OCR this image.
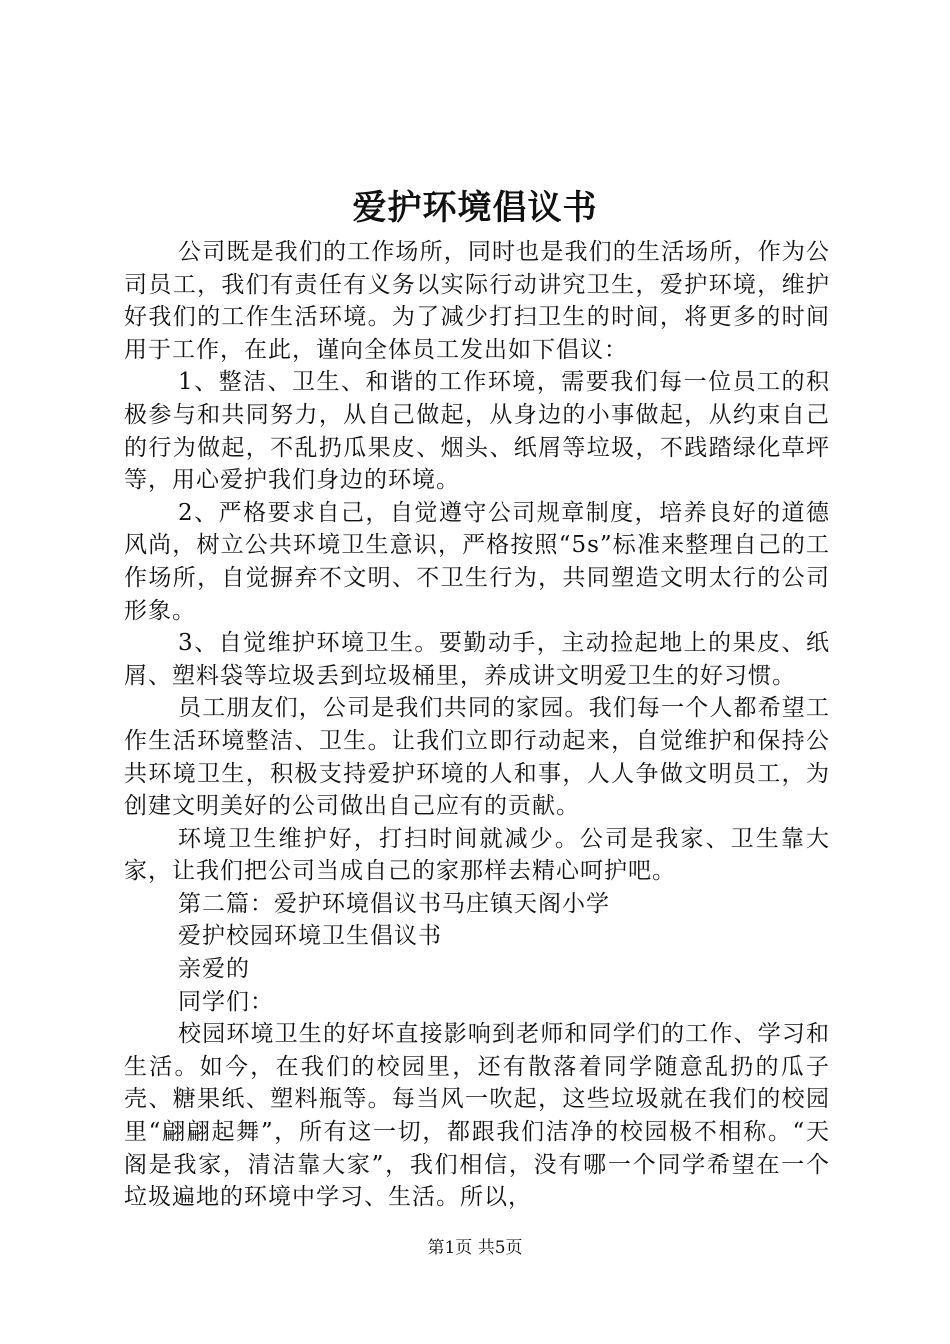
爱护环境倡议书

公司既是我们的工作场所，同时也是我们的生活场所，作为公司员工，我们有责任有义务以实际行动讲究卫生，爱护环境，维护好我们的工作生活环境。为了减少打扫卫生的时间，将更多的时间用于工作，在此，谨向全体员工发出如下倡议：

1、整洁、卫生、和谐的工作环境，需要我们每一位员工的积极参与和共同努力，从自己做起，从身边的小事做起，从约束自己的行为做起，不乱扔瓜果皮、烟头、纸屑等垃圾，不践踏绿化草坪等，用心爱护我们身边的环境。

2、严格要求自己，自觉遵守公司规章制度，培养良好的道德风尚，树立公共环境卫生意识，严格按照“5s”标准来整理自己的工作场所，自觉摒弃不文明、不卫生行为，共同塑造文明太行的公司形象。

3、自觉维护环境卫生。要勤动手，主动捡起地上的果皮、纸屑、塑料袋等垃圾丢到垃圾桶里，养成讲文明爱卫生的好习惯。

员工朋友们，公司是我们共同的家园。我们每一个人都希望工作生活环境整洁、卫生。让我们立即行动起来，自觉维护和保持公共环境卫生，积极支持爱护环境的人和事，人人争做文明员工，为创建文明美好的公司做出自己应有的贡献。

环境卫生维护好，打扫时间就减少。公司是我家、卫生靠大家，让我们把公司当成自己的家那样去精心呵护吧。

第二篇：爱护环境倡议书马庄镇天阁小学

爱护校园环境卫生倡议书

亲爱的

同学们：

校园环境卫生的好坏直接影响到老师和同学们的工作、学习和生活。如今，在我们的校园里，还有散落着同学随意乱扔的瓜子壳、糖果纸、塑料瓶等。每当风一吹起，这些垃圾就在我们的校园里“翩翩起舞”，所有这一切，都跟我们洁净的校园极不相称。“天阁是我家，清洁靠大家”，我们相信，没有哪一个同学希望在一个垃圾遍地的环境中学习、生活。所以，

第1页 共5页
